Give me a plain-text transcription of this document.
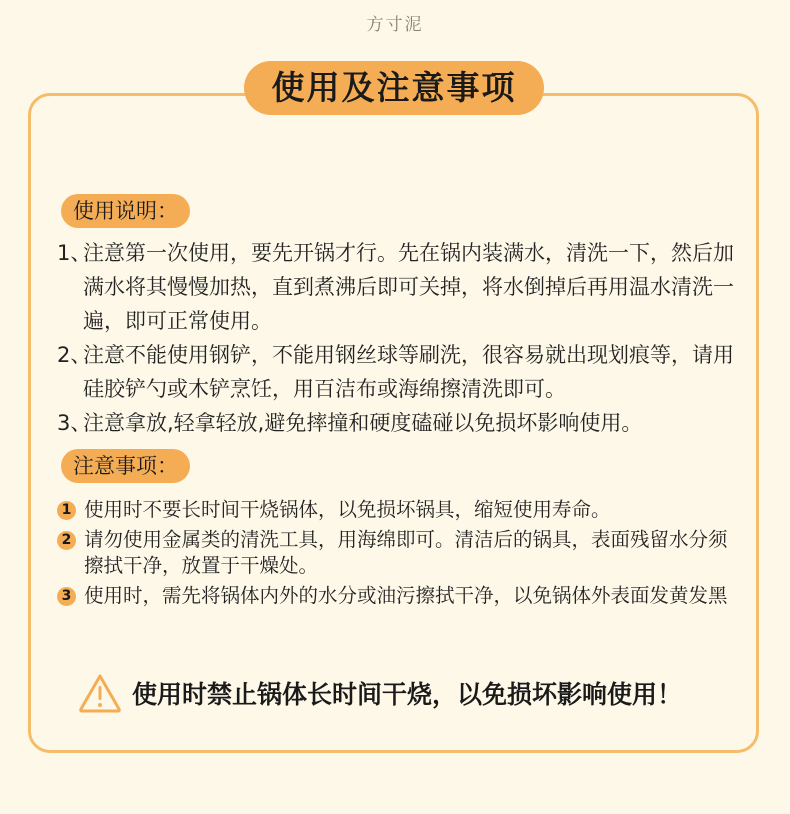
方寸泥
使用及注意事项
使用说明：
1、注意第一次使用，要先开锅才行。先在锅内装满水，清洗一下，然后加满水将其慢慢加热，直到煮沸后即可关掉，将水倒掉后再用温水清洗一遍，即可正常使用。
2、注意不能使用钢铲，不能用钢丝球等刷洗，很容易就出现划痕等，请用硅胶铲勺或木铲烹饪，用百洁布或海绵擦清洗即可。
3、注意拿放,轻拿轻放,避免摔撞和硬度磕碰以免损坏影响使用。
注意事项：
1 使用时不要长时间干烧锅体，以免损坏锅具，缩短使用寿命。
2 请勿使用金属类的清洗工具，用海绵即可。清洁后的锅具，表面残留水分须擦拭干净，放置于干燥处。
3 使用时，需先将锅体内外的水分或油污擦拭干净，以免锅体外表面发黄发黑
使用时禁止锅体长时间干烧，以免损坏影响使用！
